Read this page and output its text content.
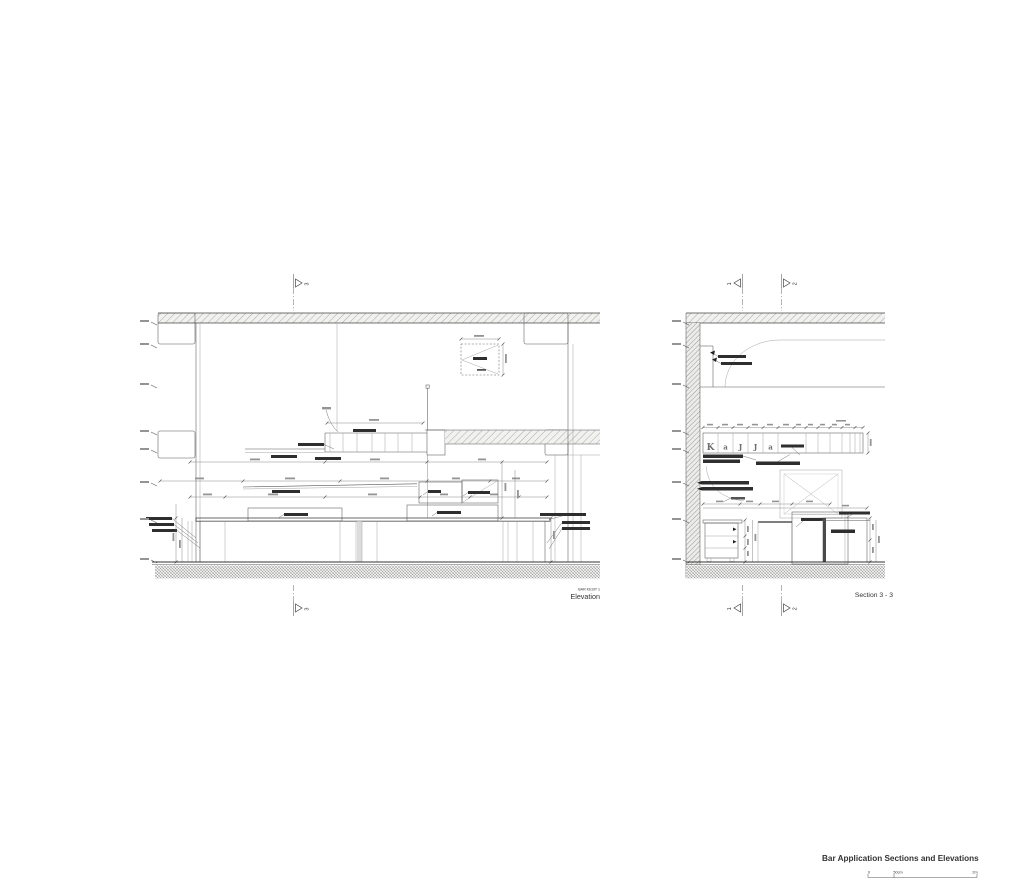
3
3
BAR KESIT 1
Elevation
K a J J a
1	2
1	2
Section 3 - 3
Bar Application Sections and Elevations
0	50cm	2m
